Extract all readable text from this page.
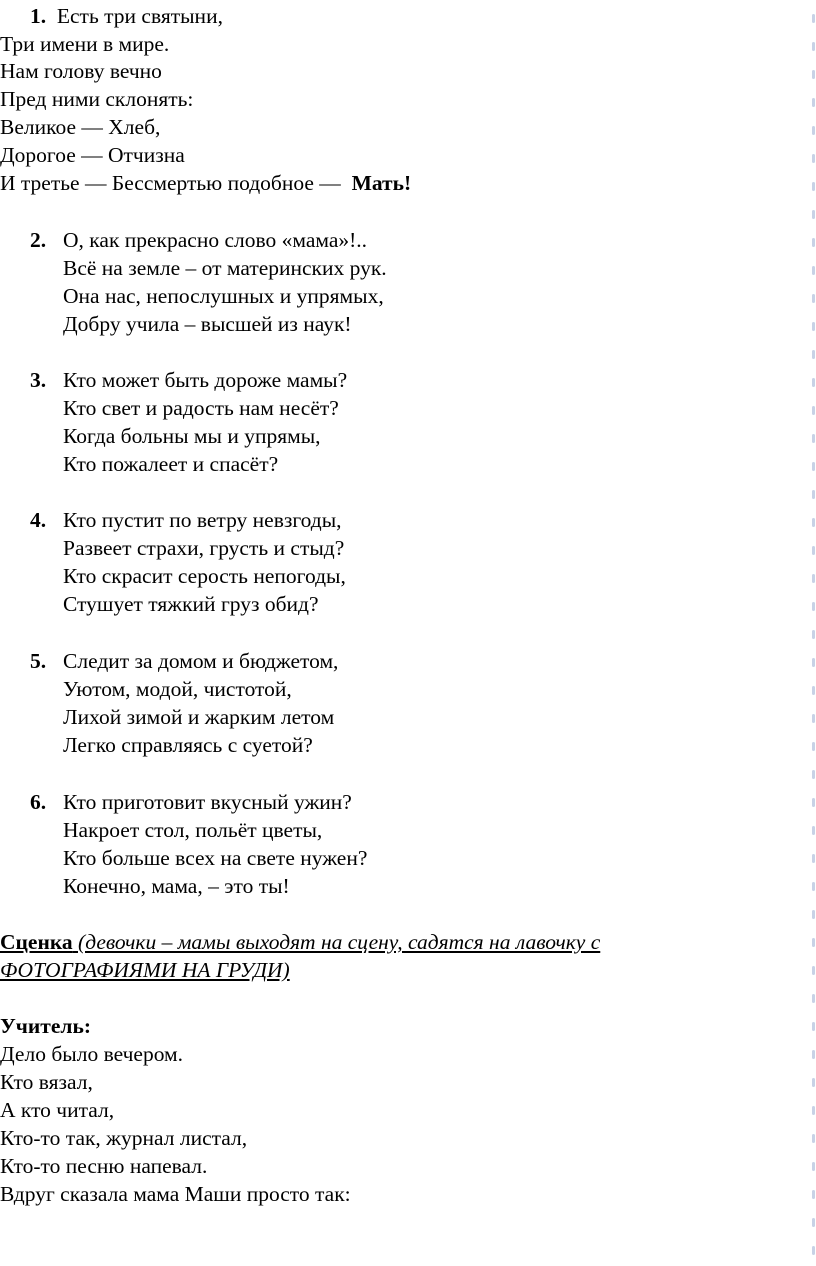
1. Есть три святыни,
Три имени в мире.
Нам голову вечно
Пред ними склонять:
Великое — Хлеб,
Дорогое — Отчизна
И третье — Бессмертью подобное —  Мать!
2. О, как прекрасно слово «мама»!..
Всё на земле – от материнских рук.
Она нас, непослушных и упрямых,
Добру учила – высшей из наук!
3. Кто может быть дороже мамы?
Кто свет и радость нам несёт?
Когда больны мы и упрямы,
Кто пожалеет и спасёт?
4. Кто пустит по ветру невзгоды,
Развеет страхи, грусть и стыд?
Кто скрасит серость непогоды,
Стушует тяжкий груз обид?
5. Следит за домом и бюджетом,
Уютом, модой, чистотой,
Лихой зимой и жарким летом
Легко справляясь с суетой?
6. Кто приготовит вкусный ужин?
Накроет стол, польёт цветы,
Кто больше всех на свете нужен?
Конечно, мама, – это ты!
Сценка (девочки – мамы выходят на сцену, садятся на лавочку с
ФОТОГРАФИЯМИ НА ГРУДИ)
Учитель:
Дело было вечером.
Кто вязал,
А кто читал,
Кто-то так, журнал листал,
Кто-то песню напевал.
Вдруг сказала мама Маши просто так:
